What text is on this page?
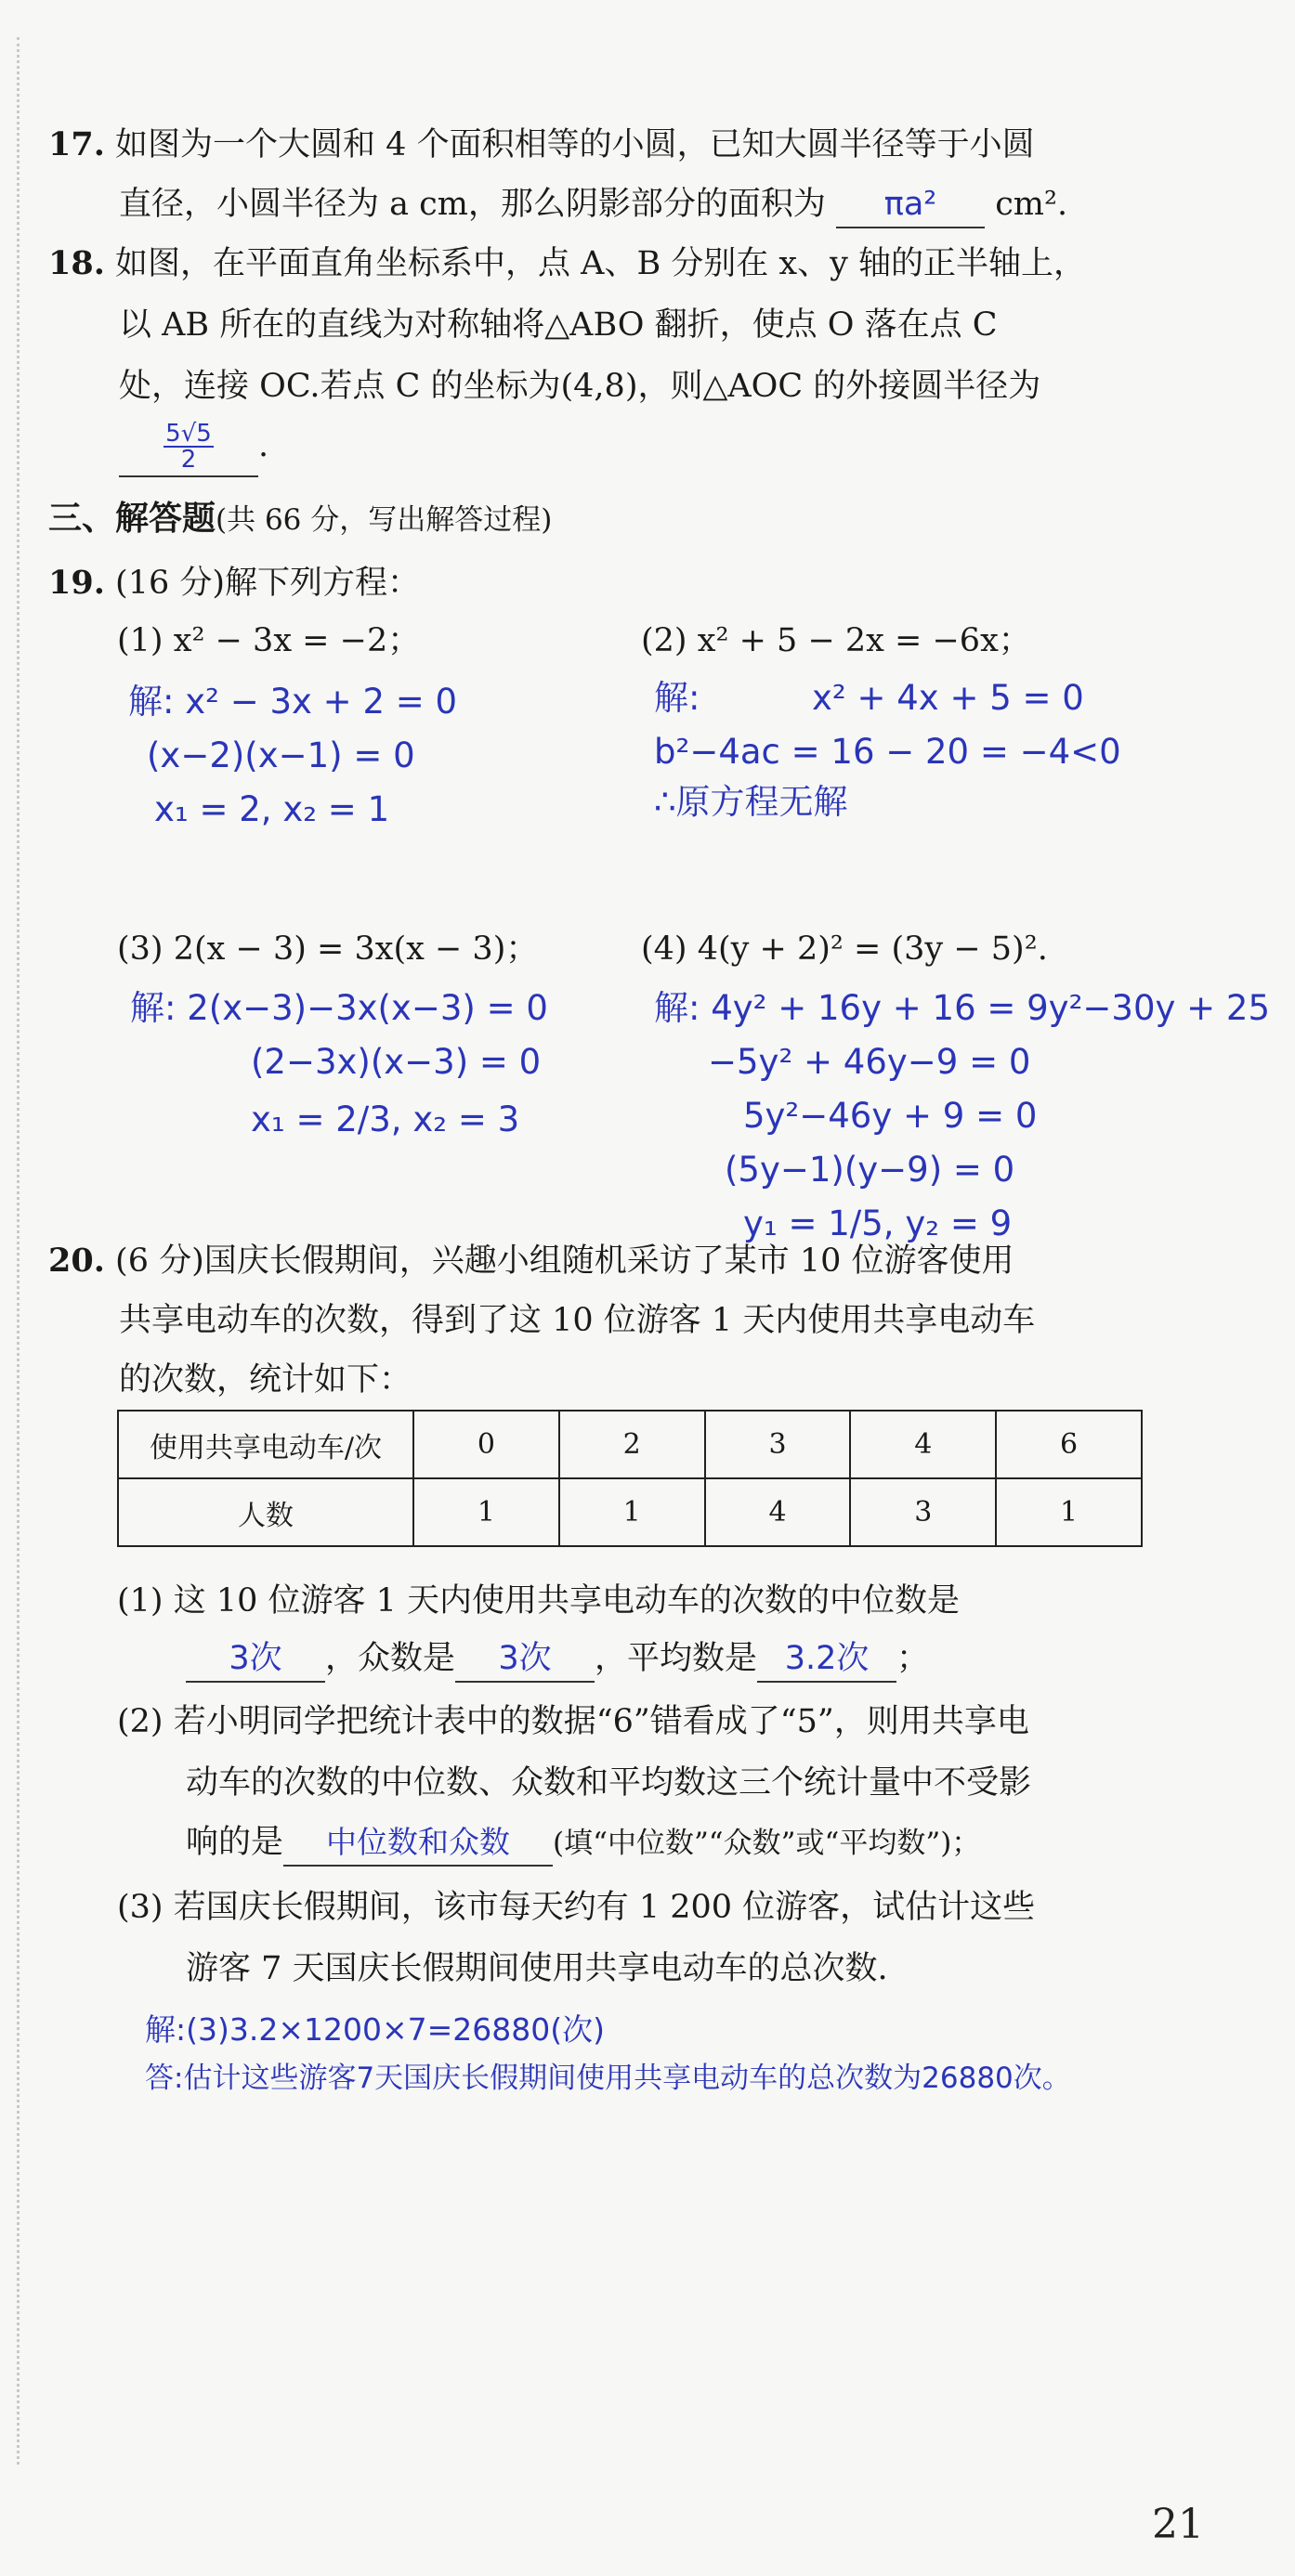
17. 如图为一个大圆和 4 个面积相等的小圆，已知大圆半径等于小圆
直径，小圆半径为 a cm，那么阴影部分的面积为 πa² cm².
18. 如图，在平面直角坐标系中，点 A、B 分别在 x、y 轴的正半轴上，
以 AB 所在的直线为对称轴将△ABO 翻折，使点 O 落在点 C
处，连接 OC.若点 C 的坐标为(4,8)，则△AOC 的外接圆半径为
$\frac{5√5}{2}$ .
三、解答题(共 66 分，写出解答过程)
19. (16 分)解下列方程：
(1) x² − 3x = −2；	(2) x² + 5 − 2x = −6x；
解: x² − 3x + 2 = 0
(x−2)(x−1) = 0
x₁ = 2, x₂ = 1
解:	x² + 4x + 5 = 0
b²−4ac = 16 − 20 = −4<0
∴原方程无解
(3) 2(x − 3) = 3x(x − 3)；	(4) 4(y + 2)² = (3y − 5)².
解: 2(x−3)−3x(x−3) = 0
(2−3x)(x−3) = 0
x₁ = 2/3, x₂ = 3
解: 4y² + 16y + 16 = 9y²−30y + 25
−5y² + 46y−9 = 0
5y²−46y + 9 = 0
(5y−1)(y−9) = 0
y₁ = 1/5, y₂ = 9
20. (6 分)国庆长假期间，兴趣小组随机采访了某市 10 位游客使用
共享电动车的次数，得到了这 10 位游客 1 天内使用共享电动车
的次数，统计如下：
使用共享电动车/次	0	2	3	4	6
人数	1	1	4	3	1
(1) 这 10 位游客 1 天内使用共享电动车的次数的中位数是
3次 ，众数是 3次 ，平均数是 3.2次 ；
(2) 若小明同学把统计表中的数据“6”错看成了“5”，则用共享电
动车的次数的中位数、众数和平均数这三个统计量中不受影
响的是 中位数和众数 (填“中位数”“众数”或“平均数”)；
(3) 若国庆长假期间，该市每天约有 1 200 位游客，试估计这些
游客 7 天国庆长假期间使用共享电动车的总次数.
解:(3)3.2×1200×7=26880(次)
答:估计这些游客7天国庆长假期间使用共享电动车的总次数为26880次。
21
